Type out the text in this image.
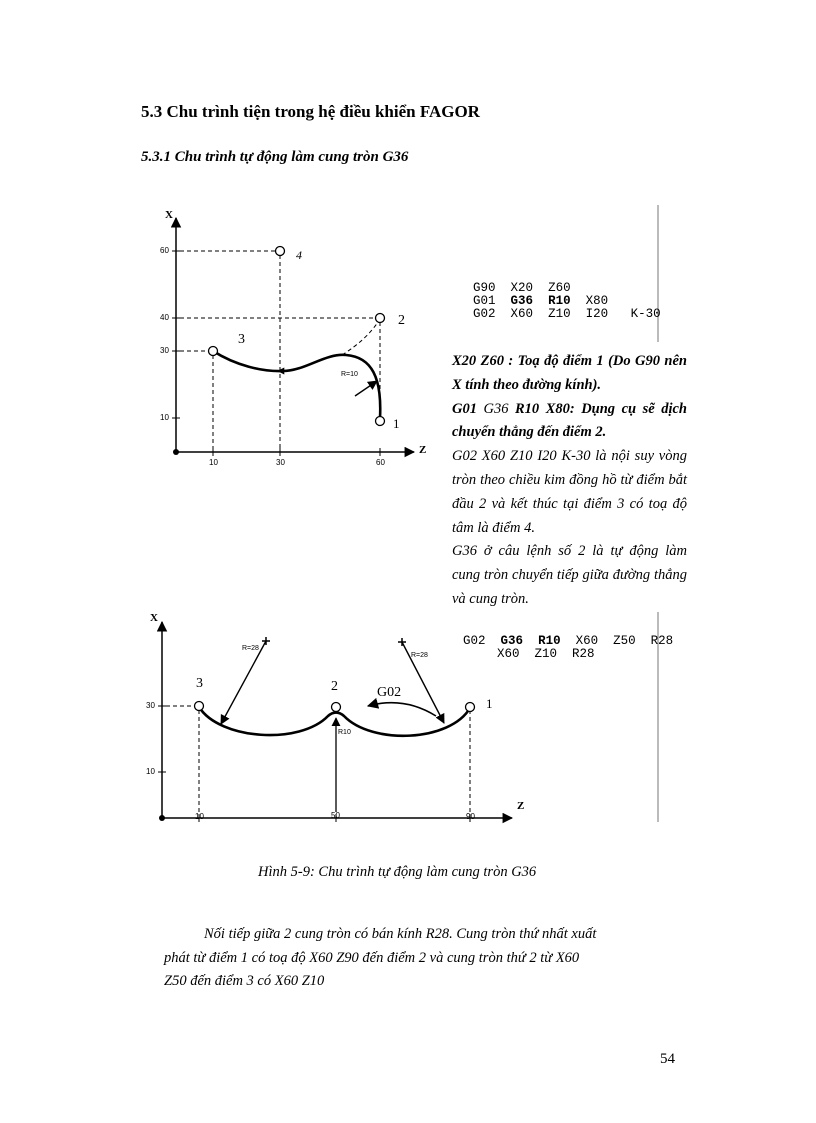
5.3 Chu trình tiện trong hệ điều khiển FAGOR
5.3.1 Chu trình tự động làm cung tròn G36
X
Z
60
40
30
10
10	30	60
4
2
3
1
R=10
G90 X20 Z60
G01 G36 R10 X80
G02 X60 Z10 I20 K-30

X20 Z60 : Toạ độ điểm 1 (Do G90 nên X tính theo đường kính).

G01 G36 R10 X80: Dụng cụ sẽ dịch chuyển thẳng đến điểm 2.

G02 X60 Z10 I20 K-30 là nội suy vòng tròn theo chiều kim đồng hồ từ điểm bắt đầu 2 và kết thúc tại điểm 3 có toạ độ tâm là điểm 4.

G36 ở câu lệnh số 2 là tự động làm cung tròn chuyển tiếp giữa đường thẳng và cung tròn.

X
Z
30
10
10	50	90
3	2
1
G02
R=28
R=28
R10
G02 G36 R10 X60 Z50 R28
X60  Z10  R28
Hình 5-9: Chu trình tự động làm cung tròn G36
Nối tiếp giữa 2 cung tròn có bán kính R28. Cung tròn thứ nhất xuất
phát từ điểm 1 có toạ độ X60 Z90 đến điểm 2 và cung tròn thứ 2 từ X60
Z50 đến điểm 3 có X60 Z10
54
